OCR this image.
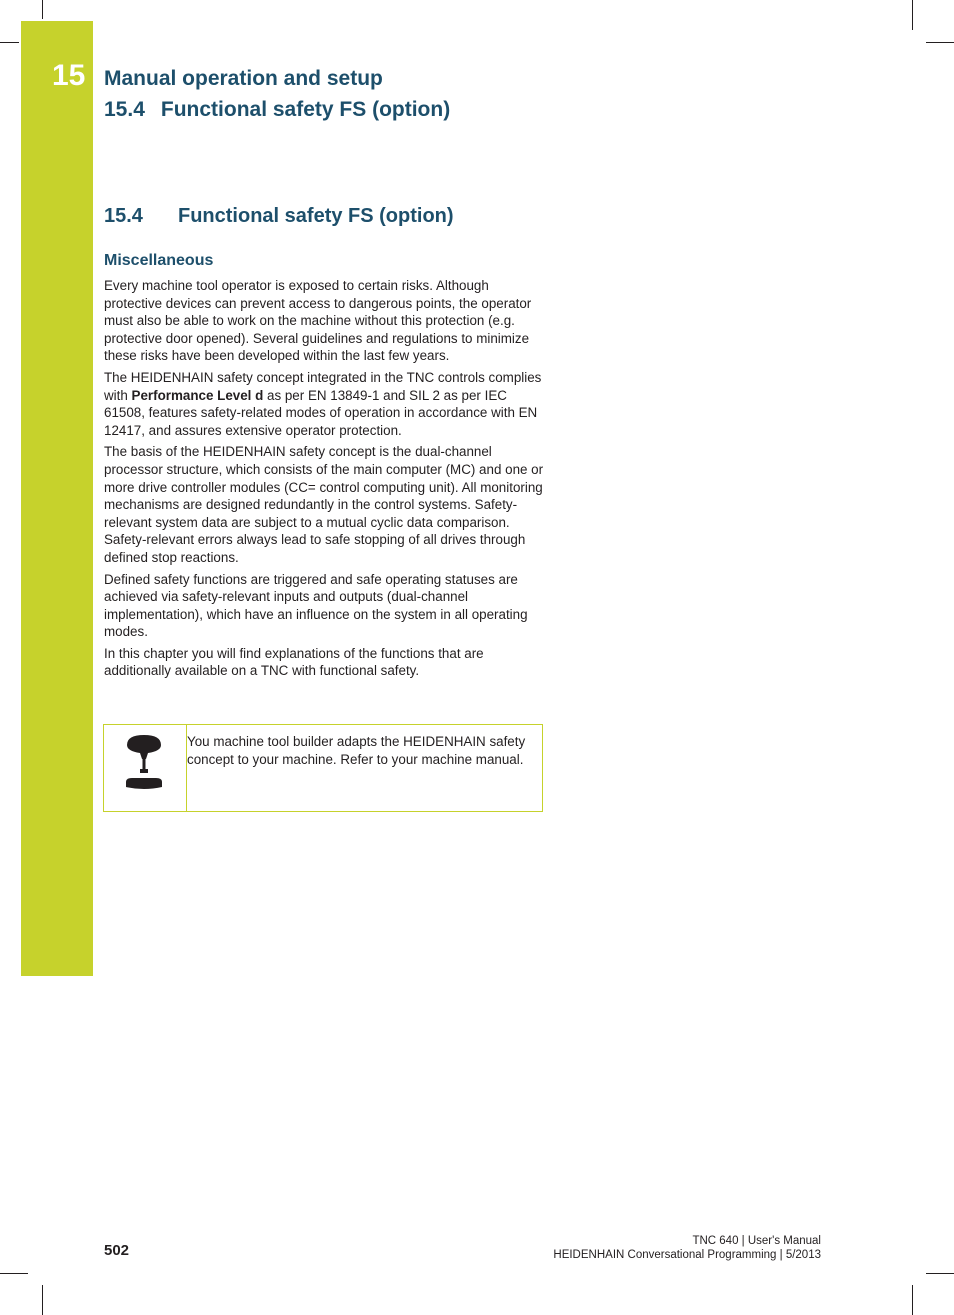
15 Manual operation and setup
15.4 Functional safety FS (option)
15.4 Functional safety FS (option)
Miscellaneous

Every machine tool operator is exposed to certain risks. Although protective devices can prevent access to dangerous points, the operator must also be able to work on the machine without this protection (e.g. protective door opened). Several guidelines and regulations to minimize these risks have been developed within the last few years.

The HEIDENHAIN safety concept integrated in the TNC controls complies with Performance Level d as per EN 13849-1 and SIL 2 as per IEC 61508, features safety-related modes of operation in accordance with EN 12417, and assures extensive operator protection.

The basis of the HEIDENHAIN safety concept is the dual-channel processor structure, which consists of the main computer (MC) and one or more drive controller modules (CC= control computing unit). All monitoring mechanisms are designed redundantly in the control systems. Safety-relevant system data are subject to a mutual cyclic data comparison. Safety-relevant errors always lead to safe stopping of all drives through defined stop reactions.

Defined safety functions are triggered and safe operating statuses are achieved via safety-relevant inputs and outputs (dual-channel implementation), which have an influence on the system in all operating modes.

In this chapter you will find explanations of the functions that are additionally available on a TNC with functional safety.

You machine tool builder adapts the HEIDENHAIN safety concept to your machine. Refer to your machine manual.
502
TNC 640 | User's Manual
HEIDENHAIN Conversational Programming | 5/2013
